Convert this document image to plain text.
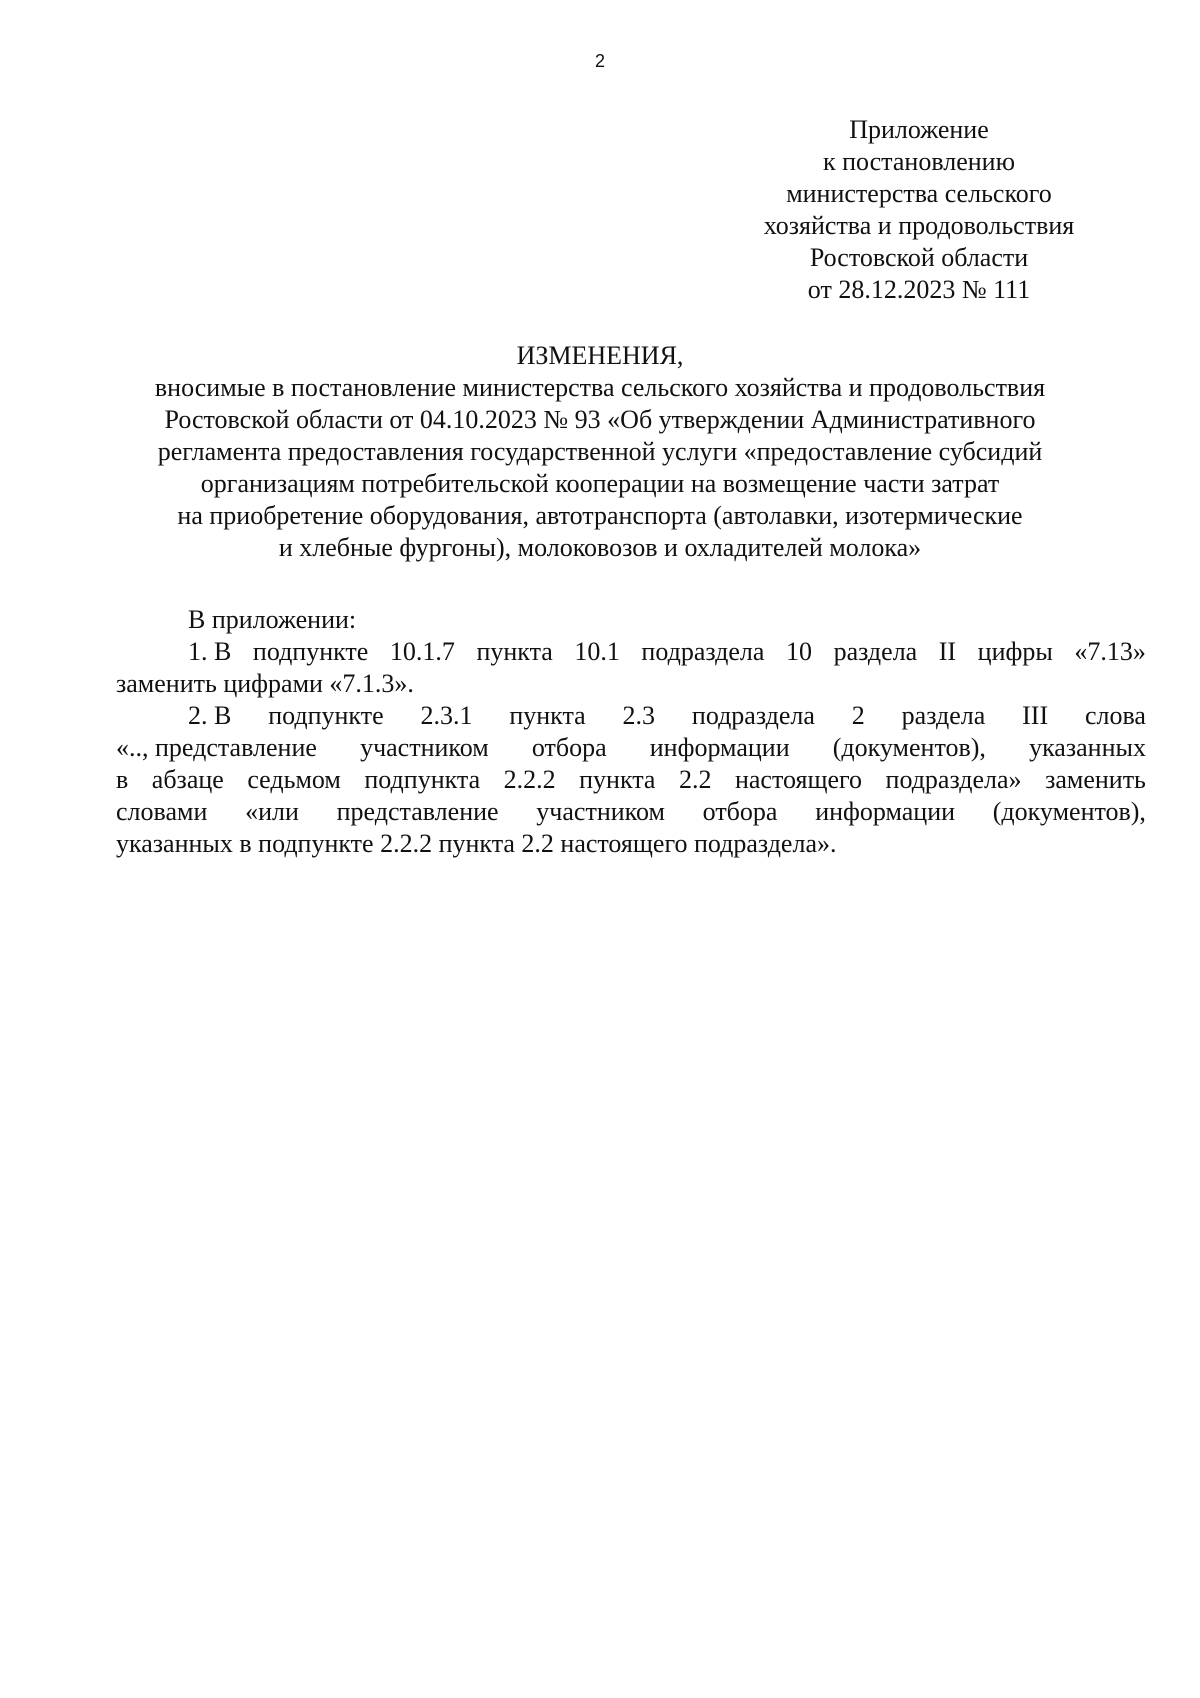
2
Приложение
к постановлению
министерства сельского
хозяйства и продовольствия
Ростовской области
от 28.12.2023 № 111
ИЗМЕНЕНИЯ,
вносимые в постановление министерства сельского хозяйства и продовольствия
Ростовской области от 04.10.2023 № 93 «Об утверждении Административного
регламента предоставления государственной услуги «предоставление субсидий
организациям потребительской кооперации на возмещение части затрат
на приобретение оборудования, автотранспорта (автолавки, изотермические
и хлебные фургоны), молоковозов и охладителей молока»
В приложении:
1. В подпункте 10.1.7 пункта 10.1 подраздела 10 раздела II цифры «7.13»
заменить цифрами «7.1.3».
2. В подпункте 2.3.1 пункта 2.3 подраздела 2 раздела III слова
«.., представление участником отбора информации (документов), указанных
в абзаце седьмом подпункта 2.2.2 пункта 2.2 настоящего подраздела» заменить
словами «или представление участником отбора информации (документов),
указанных в подпункте 2.2.2 пункта 2.2 настоящего подраздела».
